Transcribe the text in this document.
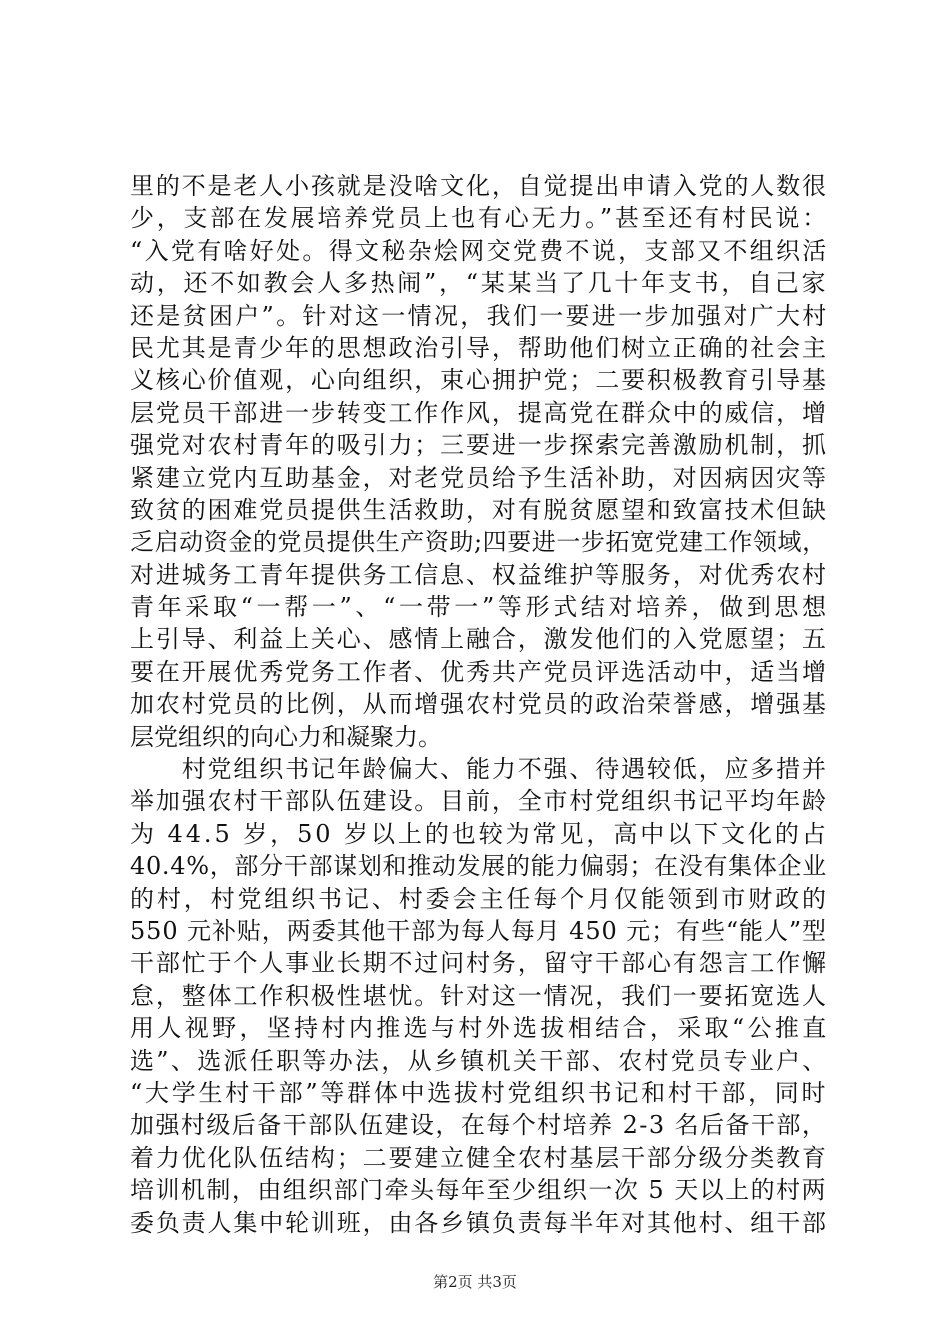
里的不是老人小孩就是没啥文化，自觉提出申请入党的人数很
少，支部在发展培养党员上也有心无力。”甚至还有村民说：
“入党有啥好处。得文秘杂烩网交党费不说，支部又不组织活
动，还不如教会人多热闹”，“某某当了几十年支书，自己家
还是贫困户”。针对这一情况，我们一要进一步加强对广大村
民尤其是青少年的思想政治引导，帮助他们树立正确的社会主
义核心价值观，心向组织，束心拥护党；二要积极教育引导基
层党员干部进一步转变工作作风，提高党在群众中的威信，增
强党对农村青年的吸引力；三要进一步探索完善激励机制，抓
紧建立党内互助基金，对老党员给予生活补助，对因病因灾等
致贫的困难党员提供生活救助，对有脱贫愿望和致富技术但缺
乏启动资金的党员提供生产资助;四要进一步拓宽党建工作领域，
对进城务工青年提供务工信息、权益维护等服务，对优秀农村
青年采取“一帮一”、“一带一”等形式结对培养，做到思想
上引导、利益上关心、感情上融合，激发他们的入党愿望；五
要在开展优秀党务工作者、优秀共产党员评选活动中，适当增
加农村党员的比例，从而增强农村党员的政治荣誉感，增强基
层党组织的向心力和凝聚力。
　　村党组织书记年龄偏大、能力不强、待遇较低，应多措并
举加强农村干部队伍建设。目前，全市村党组织书记平均年龄
为 44.5 岁，50 岁以上的也较为常见，高中以下文化的占
40.4%，部分干部谋划和推动发展的能力偏弱；在没有集体企业
的村，村党组织书记、村委会主任每个月仅能领到市财政的
550 元补贴，两委其他干部为每人每月 450 元；有些“能人”型
干部忙于个人事业长期不过问村务，留守干部心有怨言工作懈
怠，整体工作积极性堪忧。针对这一情况，我们一要拓宽选人
用人视野，坚持村内推选与村外选拔相结合，采取“公推直
选”、选派任职等办法，从乡镇机关干部、农村党员专业户、
“大学生村干部”等群体中选拔村党组织书记和村干部，同时
加强村级后备干部队伍建设，在每个村培养 2-3 名后备干部，
着力优化队伍结构；二要建立健全农村基层干部分级分类教育
培训机制，由组织部门牵头每年至少组织一次 5 天以上的村两
委负责人集中轮训班，由各乡镇负责每半年对其他村、组干部
第2页 共3页
